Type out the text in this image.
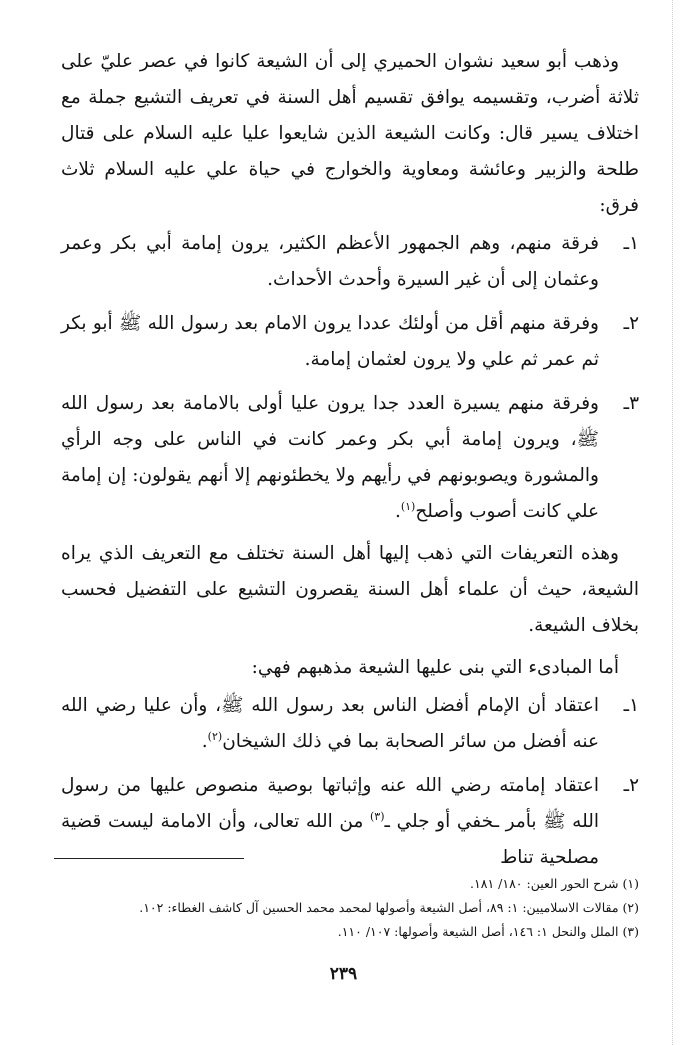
وذهب أبو سعيد نشوان الحميري إلى أن الشيعة كانوا في عصر عليّ على ثلاثة أضرب، وتقسيمه يوافق تقسيم أهل السنة في تعريف التشيع جملة مع اختلاف يسير قال: وكانت الشيعة الذين شايعوا عليا عليه السلام على قتال طلحة والزبير وعائشة ومعاوية والخوارج في حياة علي عليه السلام ثلاث فرق:

١ـ
فرقة منهم، وهم الجمهور الأعظم الكثير، يرون إمامة أبي بكر وعمر وعثمان إلى أن غير السيرة وأحدث الأحداث.
٢ـ
وفرقة منهم أقل من أولئك عددا يرون الامام بعد رسول الله ﷺ أبو بكر ثم عمر ثم علي ولا يرون لعثمان إمامة.
٣ـ
وفرقة منهم يسيرة العدد جدا يرون عليا أولى بالامامة بعد رسول الله ﷺ، ويرون إمامة أبي بكر وعمر كانت في الناس على وجه الرأي والمشورة ويصوبونهم في رأيهم ولا يخطئونهم إلا أنهم يقولون: إن إمامة علي كانت أصوب وأصلح$^{(١)}$.

وهذه التعريفات التي ذهب إليها أهل السنة تختلف مع التعريف الذي يراه الشيعة، حيث أن علماء أهل السنة يقصرون التشيع على التفضيل فحسب بخلاف الشيعة.

أما المبادىء التي بنى عليها الشيعة مذهبهم فهي:

١ـ
اعتقاد أن الإمام أفضل الناس بعد رسول الله ﷺ، وأن عليا رضي الله عنه أفضل من سائر الصحابة بما في ذلك الشيخان$^{(٢)}$.
٢ـ
اعتقاد إمامته رضي الله عنه وإثباتها بوصية منصوص عليها من رسول الله ﷺ بأمر ـخفي أو جلي ـ$^{(٣)}$ من الله تعالى، وأن الامامة ليست قضية مصلحية تناط
(١) شرح الحور العين: ١٨٠/ ١٨١.
(٢) مقالات الاسلاميين: ١: ٨٩، أصل الشيعة وأصولها لمحمد محمد الحسين آل كاشف الغطاء: ١٠٢.
(٣) الملل والنحل ١: ١٤٦، أصل الشيعة وأصولها: ١٠٧/ ١١٠.
٢٣٩
